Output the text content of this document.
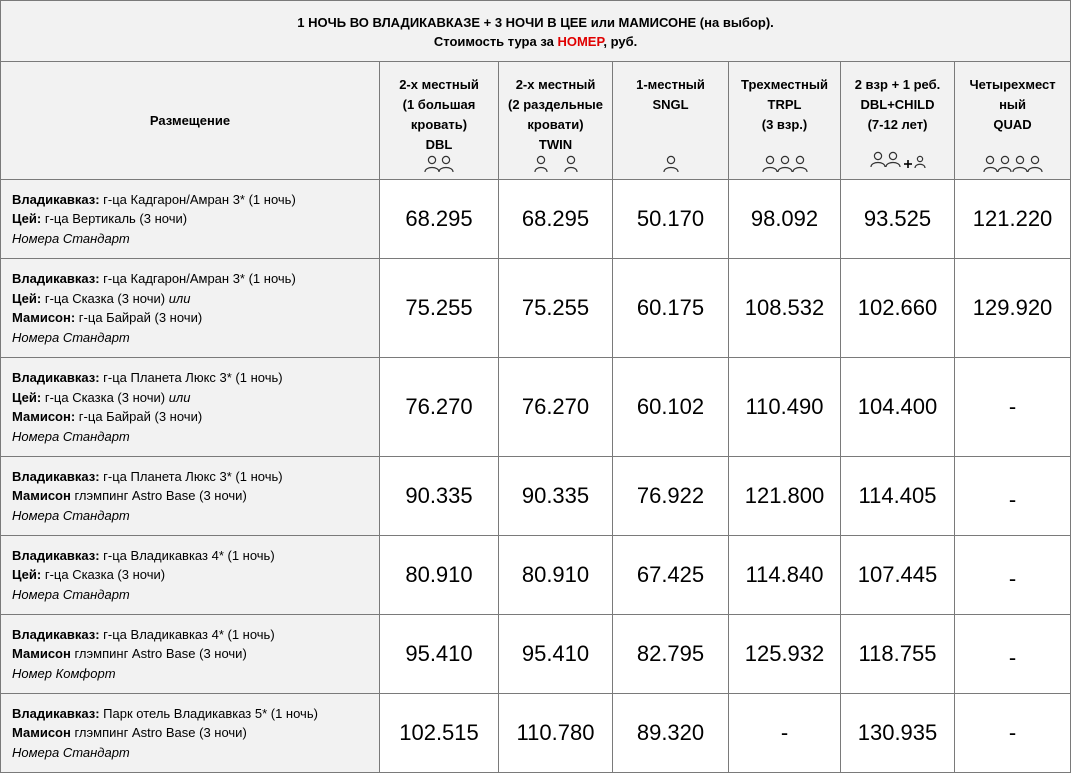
1 НОЧЬ ВО ВЛАДИКАВКАЗЕ + 3 НОЧИ В ЦЕЕ или МАМИСОНЕ (на выбор).
Стоимость тура за НОМЕР, руб.						

Размещение	2-х местный
(1 большая
кровать)
DBL	2-х местный
(2 раздельные
кровати)
TWIN	1-местный
SNGL	Трехместный
TRPL
(3 взр.)	2 взр + 1 реб.
DBL+CHILD
(7-12 лет)	Четырехмест
ный
QUAD

Владикавказ: г-ца Кадгарон/Амран 3* (1 ночь)
Цей: г-ца Вертикаль (3 ночи)
Номера Стандарт	68.295	68.295	50.170	98.092	93.525	121.220

Владикавказ: г-ца Кадгарон/Амран 3* (1 ночь)
Цей: г-ца Сказка (3 ночи) или
Мамисон: г-ца Байрай (3 ночи)
Номера Стандарт	75.255	75.255	60.175	108.532	102.660	129.920

Владикавказ: г-ца Планета Люкс 3* (1 ночь)
Цей: г-ца Сказка (3 ночи) или
Мамисон: г-ца Байрай (3 ночи)
Номера Стандарт	76.270	76.270	60.102	110.490	104.400	-

Владикавказ: г-ца Планета Люкс 3* (1 ночь)
Мамисон глэмпинг Astro Base (3 ночи)
Номера Стандарт	90.335	90.335	76.922	121.800	114.405	-

Владикавказ: г-ца Владикавказ 4* (1 ночь)
Цей: г-ца Сказка (3 ночи)
Номера Стандарт	80.910	80.910	67.425	114.840	107.445	-

Владикавказ: г-ца Владикавказ 4* (1 ночь)
Мамисон глэмпинг Astro Base (3 ночи)
Номер Комфорт	95.410	95.410	82.795	125.932	118.755	-

Владикавказ: Парк отель Владикавказ 5* (1 ночь)
Мамисон глэмпинг Astro Base (3 ночи)
Номера Стандарт	102.515	110.780	89.320	-	130.935	-
